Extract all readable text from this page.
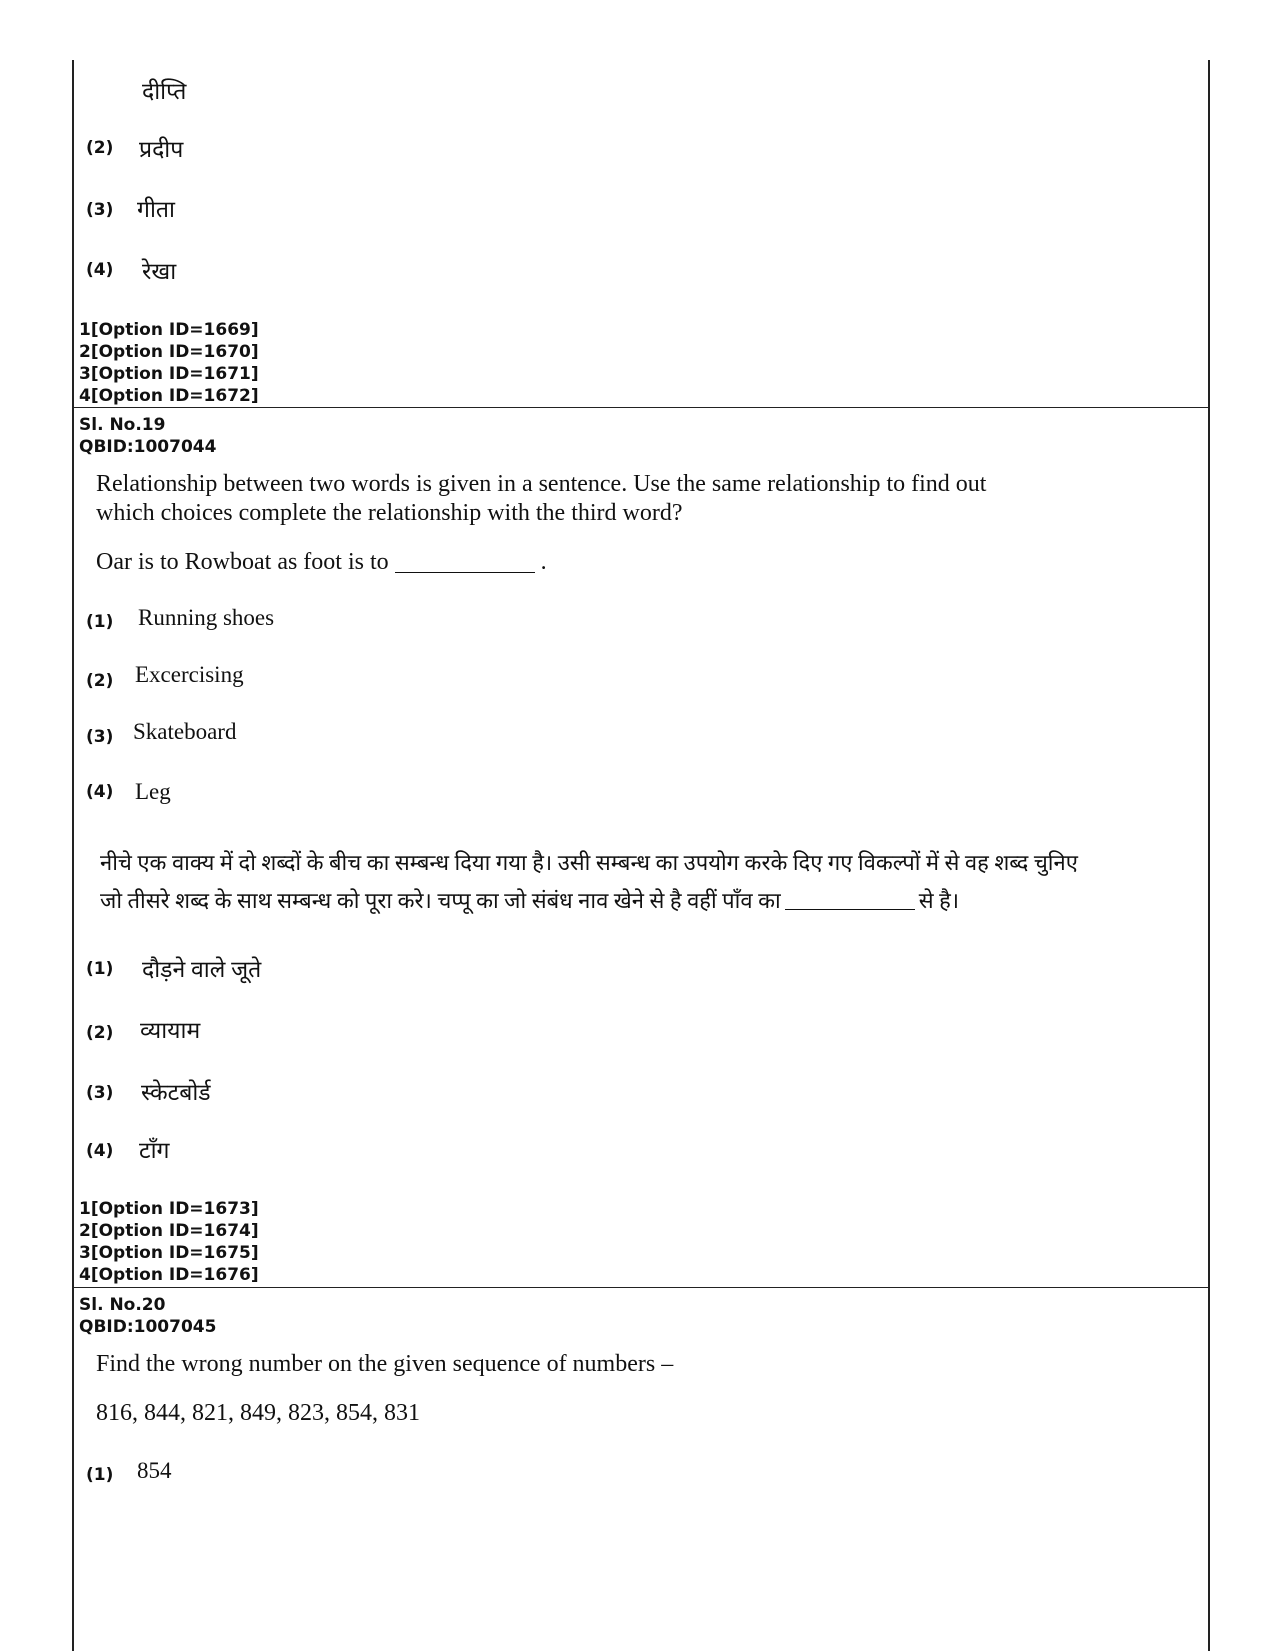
दीप्ति
(2) प्रदीप
(3) गीता
(4) रेखा
1[Option ID=1669]
2[Option ID=1670]
3[Option ID=1671]
4[Option ID=1672]
Sl. No.19
QBID:1007044
Relationship between two words is given in a sentence. Use the same relationship to find out
which choices complete the relationship with the third word?
Oar is to Rowboat as foot is to	.
(1) Running shoes
(2) Excercising
(3) Skateboard
(4) Leg
नीचे एक वाक्य में दो शब्दों के बीच का सम्बन्ध दिया गया है। उसी सम्बन्ध का उपयोग करके दिए गए विकल्पों में से वह शब्द चुनिए
जो तीसरे शब्द के साथ सम्बन्ध को पूरा करे। चप्पू का जो संबंध नाव खेने से है वहीं पाँव का	से है।
(1) दौड़ने वाले जूते
(2) व्यायाम
(3) स्केटबोर्ड
(4) टाँग
1[Option ID=1673]
2[Option ID=1674]
3[Option ID=1675]
4[Option ID=1676]
Sl. No.20
QBID:1007045
Find the wrong number on the given sequence of numbers –
816, 844, 821, 849, 823, 854, 831
(1) 854
